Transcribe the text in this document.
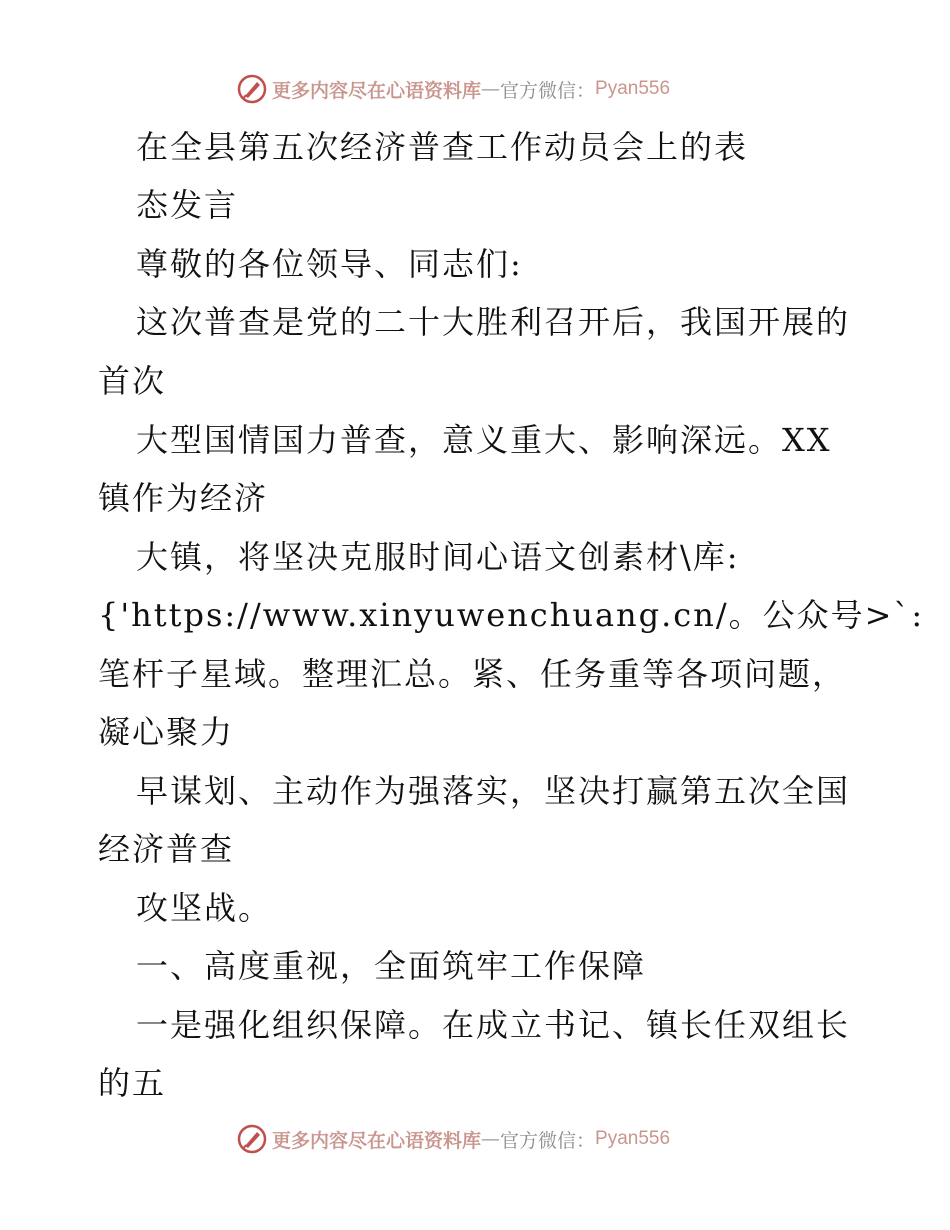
更多内容尽在心语资料库 — 官方微信： Pyan556
在全县第五次经济普查工作动员会上的表
态发言
尊敬的各位领导、同志们:
这次普查是党的二十大胜利召开后，我国开展的
首次
大型国情国力普查，意义重大、影响深远。XX
镇作为经济
大镇，将坚决克服时间心语文创素材\库:
{'https://www.xinyuwenchuang.cn/。公众号>`:
笔杆子星域。整理汇总。紧、任务重等各项问题，
凝心聚力
早谋划、主动作为强落实，坚决打赢第五次全国
经济普查
攻坚战。
一、高度重视，全面筑牢工作保障
一是强化组织保障。在成立书记、镇长任双组长
的五
更多内容尽在心语资料库 — 官方微信： Pyan556
